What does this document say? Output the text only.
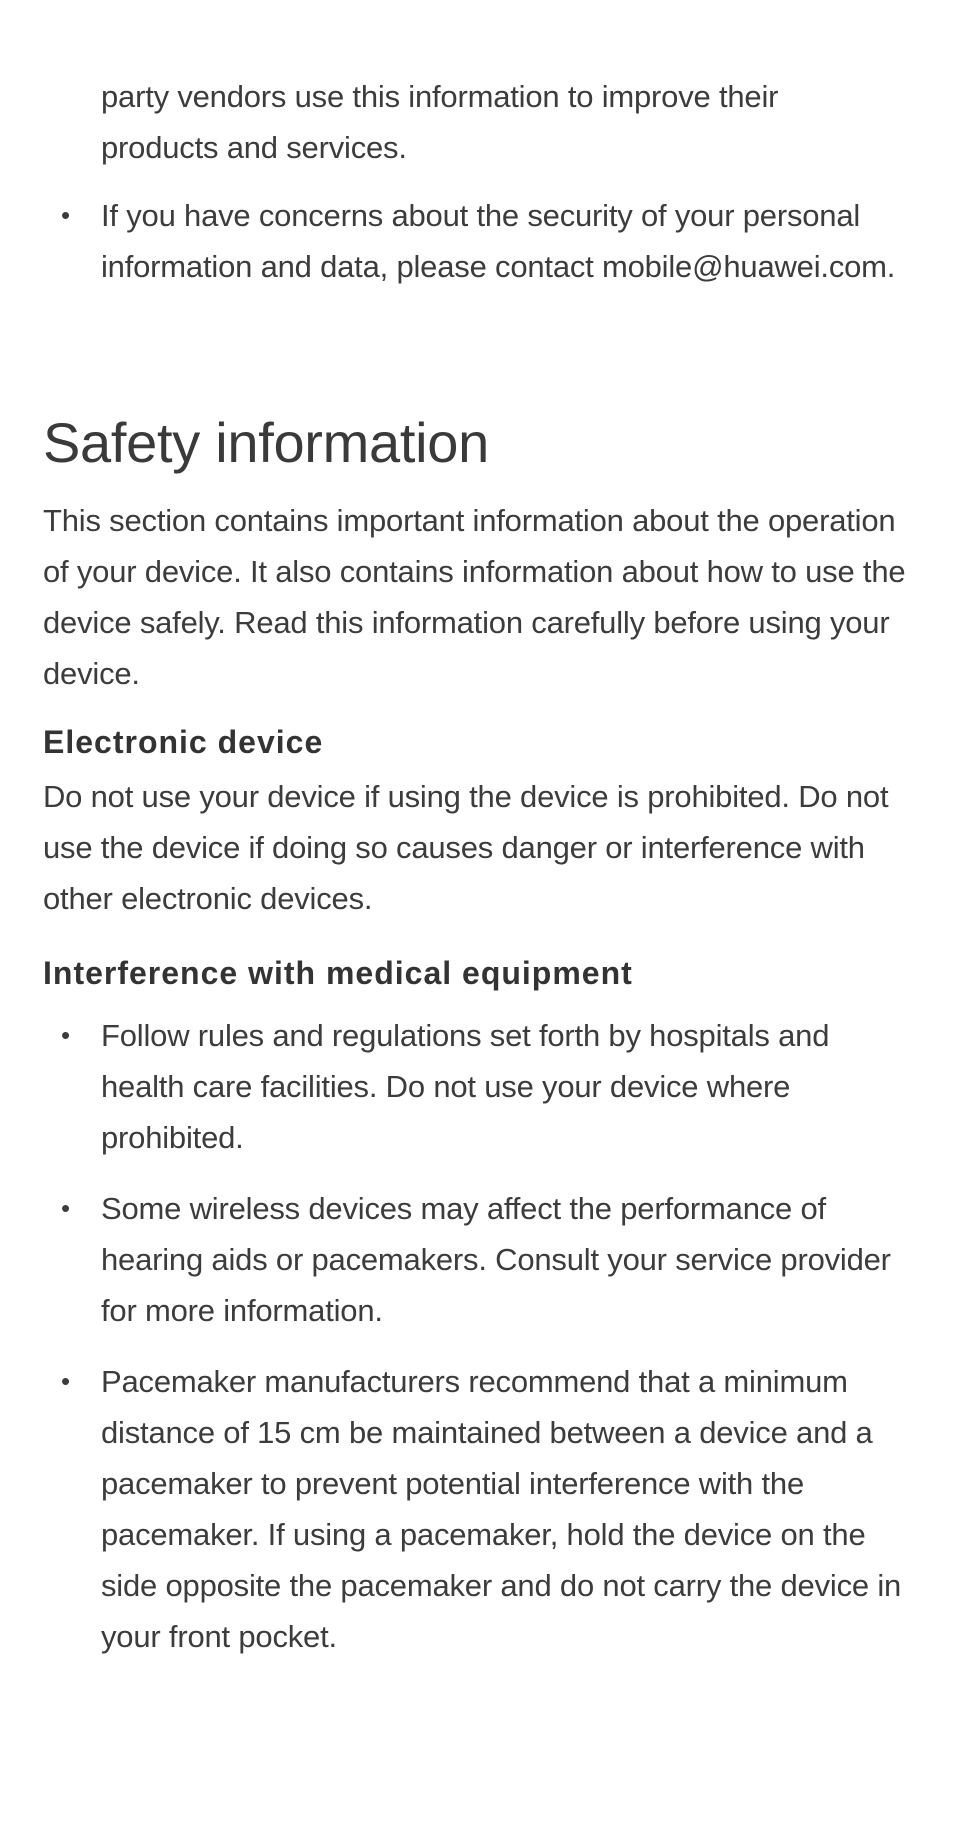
party vendors use this information to improve their
products and services.
• If you have concerns about the security of your personal information and data, please contact mobile@huawei.com.
Safety information

This section contains important information about the operation of your device. It also contains information about how to use the device safely. Read this information carefully before using your device.

Electronic device

Do not use your device if using the device is prohibited. Do not use the device if doing so causes danger or interference with other electronic devices.

Interference with medical equipment
• Follow rules and regulations set forth by hospitals and health care facilities. Do not use your device where prohibited.
• Some wireless devices may affect the performance of hearing aids or pacemakers. Consult your service provider for more information.
• Pacemaker manufacturers recommend that a minimum distance of 15 cm be maintained between a device and a pacemaker to prevent potential interference with the pacemaker. If using a pacemaker, hold the device on the side opposite the pacemaker and do not carry the device in your front pocket.
